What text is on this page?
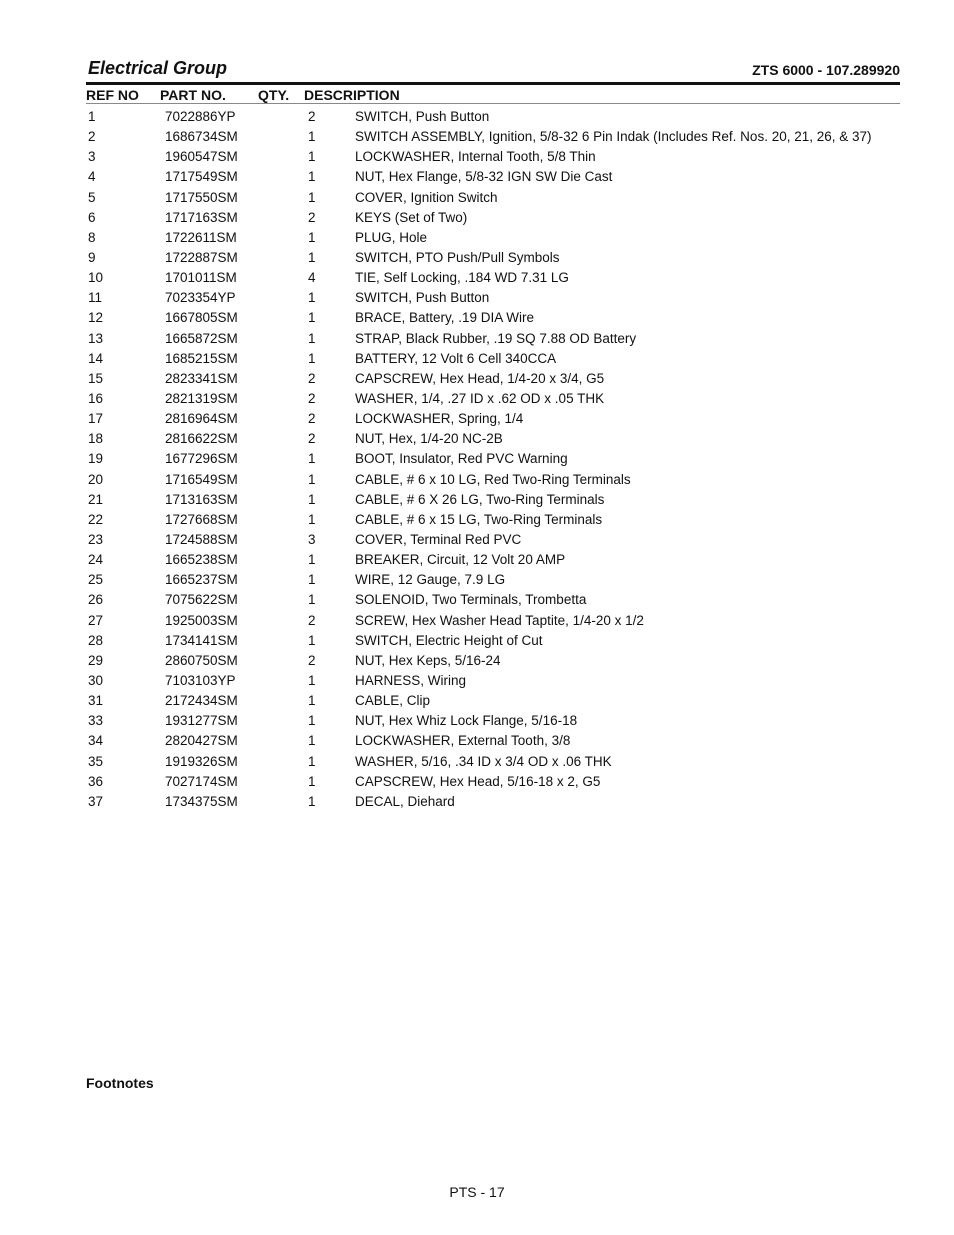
Electrical Group	ZTS 6000 - 107.289920
REF NO PART NO. QTY. DESCRIPTION
1	7022886YP	2	SWITCH, Push Button
2	1686734SM	1	SWITCH ASSEMBLY, Ignition, 5/8-32 6 Pin Indak (Includes Ref. Nos. 20, 21, 26, & 37)
3	1960547SM	1	LOCKWASHER, Internal Tooth, 5/8 Thin
4	1717549SM	1	NUT, Hex Flange, 5/8-32 IGN SW Die Cast
5	1717550SM	1	COVER, Ignition Switch
6	1717163SM	2	KEYS (Set of Two)
8	1722611SM	1	PLUG, Hole
9	1722887SM	1	SWITCH, PTO Push/Pull Symbols
10	1701011SM	4	TIE, Self Locking, .184 WD 7.31 LG
11	7023354YP	1	SWITCH, Push Button
12	1667805SM	1	BRACE, Battery, .19 DIA Wire
13	1665872SM	1	STRAP, Black Rubber, .19 SQ 7.88 OD Battery
14	1685215SM	1	BATTERY, 12 Volt 6 Cell 340CCA
15	2823341SM	2	CAPSCREW, Hex Head, 1/4-20 x 3/4, G5
16	2821319SM	2	WASHER, 1/4, .27 ID x .62 OD x .05 THK
17	2816964SM	2	LOCKWASHER, Spring, 1/4
18	2816622SM	2	NUT, Hex, 1/4-20 NC-2B
19	1677296SM	1	BOOT, Insulator, Red PVC Warning
20	1716549SM	1	CABLE, # 6 x 10 LG, Red Two-Ring Terminals
21	1713163SM	1	CABLE, # 6 X 26 LG, Two-Ring Terminals
22	1727668SM	1	CABLE, # 6 x 15 LG, Two-Ring Terminals
23	1724588SM	3	COVER, Terminal Red PVC
24	1665238SM	1	BREAKER, Circuit, 12 Volt 20 AMP
25	1665237SM	1	WIRE, 12 Gauge, 7.9 LG
26	7075622SM	1	SOLENOID, Two Terminals, Trombetta
27	1925003SM	2	SCREW, Hex Washer Head Taptite, 1/4-20 x 1/2
28	1734141SM	1	SWITCH, Electric Height of Cut
29	2860750SM	2	NUT, Hex Keps, 5/16-24
30	7103103YP	1	HARNESS, Wiring
31	2172434SM	1	CABLE, Clip
33	1931277SM	1	NUT, Hex Whiz Lock Flange, 5/16-18
34	2820427SM	1	LOCKWASHER, External Tooth, 3/8
35	1919326SM	1	WASHER, 5/16, .34 ID x 3/4 OD x .06 THK
36	7027174SM	1	CAPSCREW, Hex Head, 5/16-18 x 2, G5
37	1734375SM	1	DECAL, Diehard
Footnotes
PTS - 17
